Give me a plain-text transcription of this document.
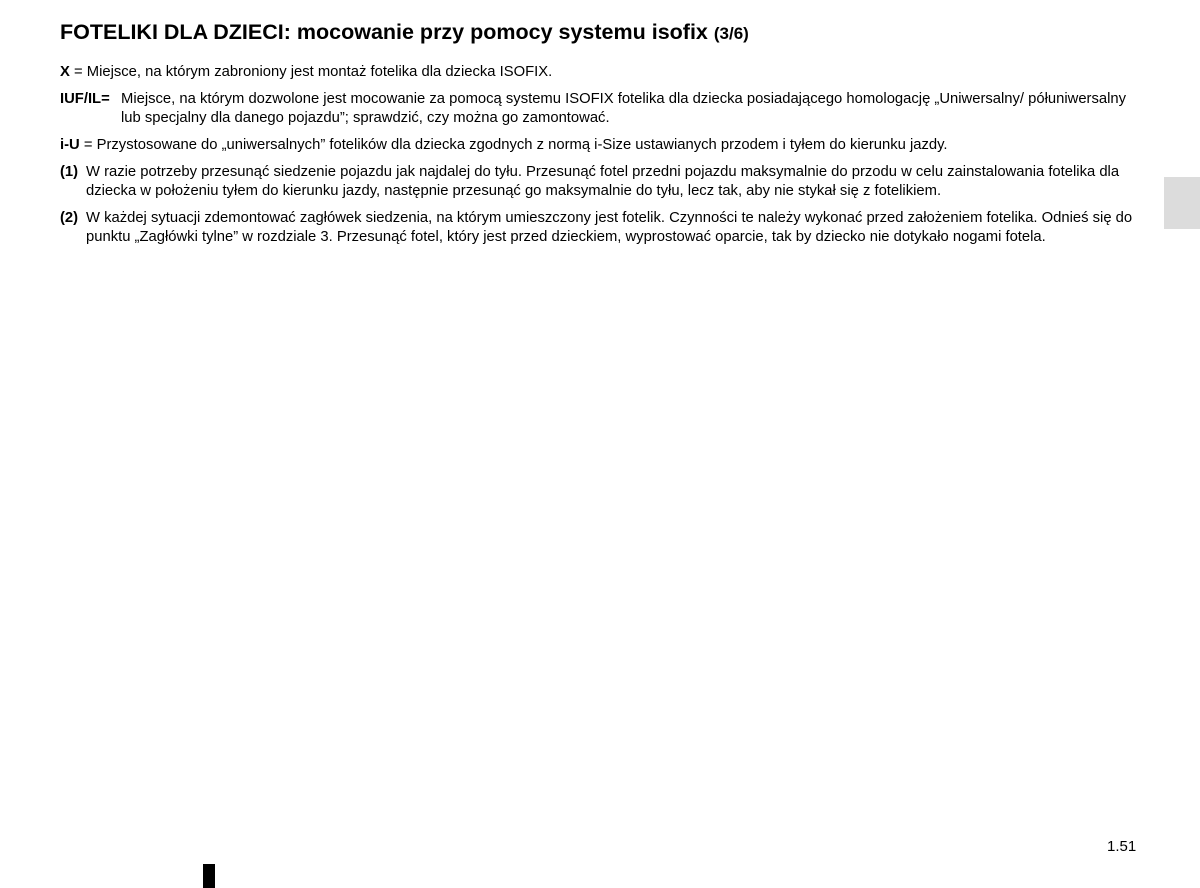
FOTELIKI DLA DZIECI: mocowanie przy pomocy systemu isofix (3/6)
X = Miejsce, na którym zabroniony jest montaż fotelika dla dziecka ISOFIX.
IUF/IL= Miejsce, na którym dozwolone jest mocowanie za pomocą systemu ISOFIX fotelika dla dziecka posiadającego homologację „Uniwersalny/ półuniwersalny lub specjalny dla danego pojazdu”; sprawdzić, czy można go zamontować.
i-U = Przystosowane do „uniwersalnych” fotelików dla dziecka zgodnych z normą i-Size ustawianych przodem i tyłem do kierunku jazdy.
(1) W razie potrzeby przesunąć siedzenie pojazdu jak najdalej do tyłu. Przesunąć fotel przedni pojazdu maksymalnie do przodu w celu zainstalowania fotelika dla dziecka w położeniu tyłem do kierunku jazdy, następnie przesunąć go maksymalnie do tyłu, lecz tak, aby nie stykał się z fotelikiem.
(2) W każdej sytuacji zdemontować zagłówek siedzenia, na którym umieszczony jest fotelik. Czynności te należy wykonać przed założeniem fotelika. Odnieś się do punktu „Zagłówki tylne” w rozdziale 3. Przesunąć fotel, który jest przed dzieckiem, wyprostować oparcie, tak by dziecko nie dotykało nogami fotela.
1.51
